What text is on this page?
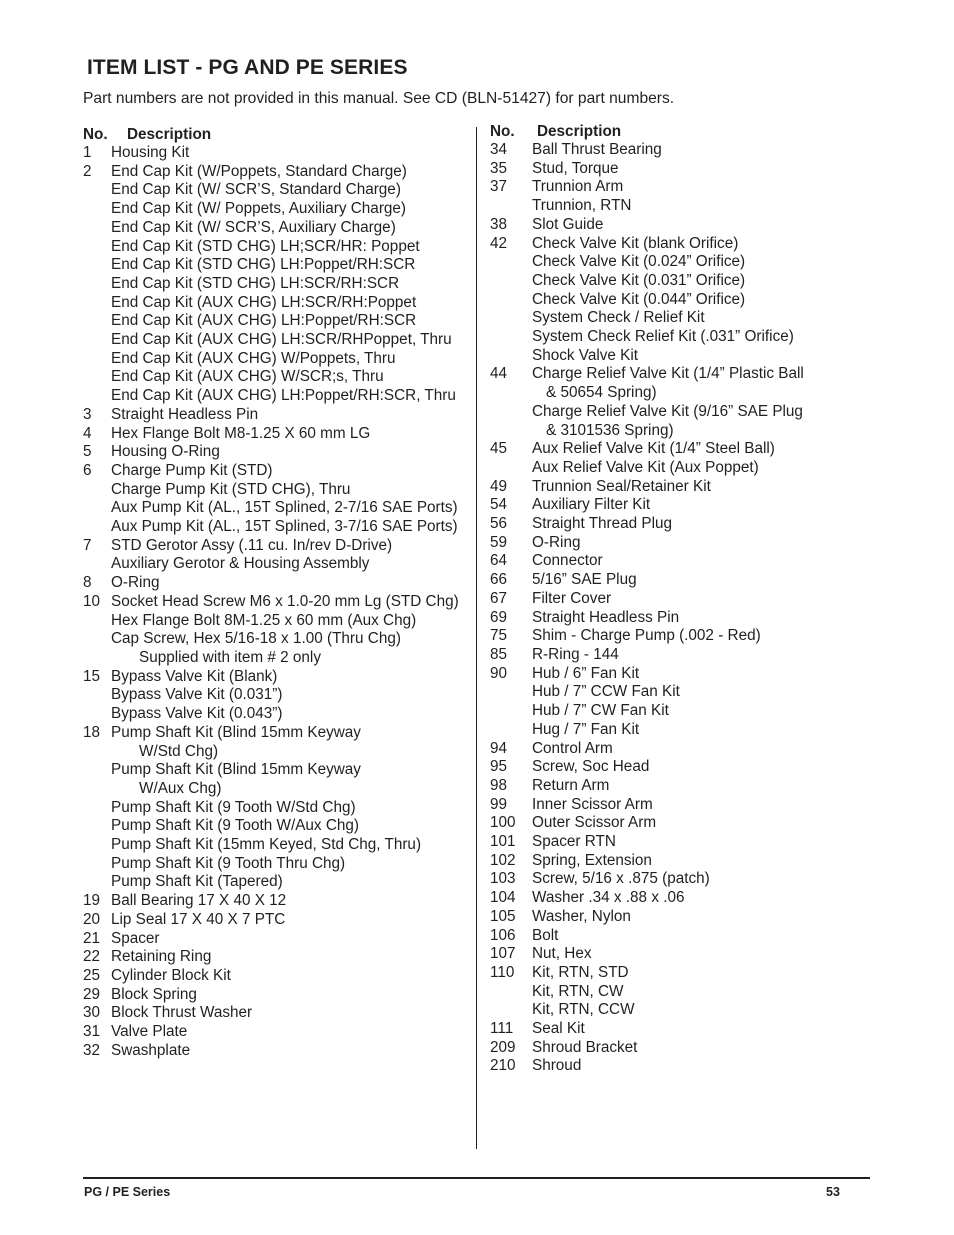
ITEM LIST - PG AND PE SERIES

Part numbers are not provided in this manual. See CD (BLN-51427) for part numbers.

No. Description
1	Housing Kit
2	End Cap Kit (W/Poppets, Standard Charge)
End Cap Kit (W/ SCR’S, Standard Charge)
End Cap Kit (W/ Poppets, Auxiliary Charge)
End Cap Kit (W/ SCR’S, Auxiliary Charge)
End Cap Kit (STD CHG) LH;SCR/HR: Poppet
End Cap Kit (STD CHG) LH:Poppet/RH:SCR
End Cap Kit (STD CHG) LH:SCR/RH:SCR
End Cap Kit (AUX CHG) LH:SCR/RH:Poppet
End Cap Kit (AUX CHG) LH:Poppet/RH:SCR
End Cap Kit (AUX CHG) LH:SCR/RHPoppet, Thru
End Cap Kit (AUX CHG) W/Poppets, Thru
End Cap Kit (AUX CHG) W/SCR;s, Thru
End Cap Kit (AUX CHG) LH:Poppet/RH:SCR, Thru
3	Straight Headless Pin
4	Hex Flange Bolt M8-1.25 X 60 mm LG
5	Housing O-Ring
6	Charge Pump Kit (STD)
Charge Pump Kit (STD CHG), Thru
Aux Pump Kit (AL., 15T Splined, 2-7/16 SAE Ports)
Aux Pump Kit (AL., 15T Splined, 3-7/16 SAE Ports)
7	STD Gerotor Assy (.11 cu. In/rev D-Drive)
Auxiliary Gerotor & Housing Assembly
8	O-Ring
10 Socket Head Screw M6 x 1.0-20 mm Lg (STD Chg)
Hex Flange Bolt 8M-1.25 x 60 mm (Aux Chg)
Cap Screw, Hex 5/16-18 x 1.00 (Thru Chg)
Supplied with item # 2 only
15 Bypass Valve Kit (Blank)
Bypass Valve Kit (0.031”)
Bypass Valve Kit (0.043”)
18 Pump Shaft Kit (Blind 15mm Keyway
W/Std Chg)
Pump Shaft Kit (Blind 15mm Keyway
W/Aux Chg)
Pump Shaft Kit (9 Tooth W/Std Chg)
Pump Shaft Kit (9 Tooth W/Aux Chg)
Pump Shaft Kit (15mm Keyed, Std Chg, Thru)
Pump Shaft Kit (9 Tooth Thru Chg)
Pump Shaft Kit (Tapered)
19 Ball Bearing 17 X 40 X 12
20 Lip Seal 17 X 40 X 7 PTC
21 Spacer
22 Retaining Ring
25 Cylinder Block Kit
29 Block Spring
30 Block Thrust Washer
31 Valve Plate
32 Swashplate
No. Description
34	Ball Thrust Bearing
35	Stud, Torque
37	Trunnion Arm
Trunnion, RTN
38	Slot Guide
42	Check Valve Kit (blank Orifice)
Check Valve Kit (0.024” Orifice)
Check Valve Kit (0.031” Orifice)
Check Valve Kit (0.044” Orifice)
System Check / Relief Kit
System Check Relief Kit (.031” Orifice)
Shock Valve Kit
44	Charge Relief Valve Kit (1/4” Plastic Ball
& 50654 Spring)
Charge Relief Valve Kit (9/16” SAE Plug
& 3101536 Spring)
45	Aux Relief Valve Kit (1/4” Steel Ball)
Aux Relief Valve Kit (Aux Poppet)
49	Trunnion Seal/Retainer Kit
54	Auxiliary Filter Kit
56	Straight Thread Plug
59	O-Ring
64	Connector
66	5/16” SAE Plug
67	Filter Cover
69	Straight Headless Pin
75	Shim - Charge Pump (.002 - Red)
85	R-Ring - 144
90	Hub / 6” Fan Kit
Hub / 7” CCW Fan Kit
Hub / 7” CW Fan Kit
Hug / 7” Fan Kit
94	Control Arm
95	Screw, Soc Head
98	Return Arm
99	Inner Scissor Arm
100	Outer Scissor Arm
101	Spacer RTN
102	Spring, Extension
103	Screw, 5/16 x .875 (patch)
104	Washer .34 x .88 x .06
105	Washer, Nylon
106	Bolt
107	Nut, Hex
110	Kit, RTN, STD
Kit, RTN, CW
Kit, RTN, CCW
111	Seal Kit
209	Shroud Bracket
210	Shroud
PG / PE Series	53
